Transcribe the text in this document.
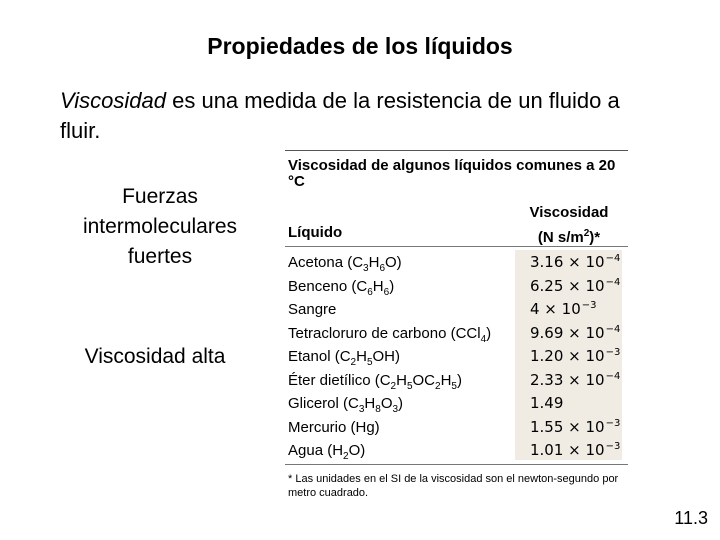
Propiedades de los líquidos
Viscosidad es una medida de la resistencia de un fluido a fluir.
Fuerzas intermoleculares fuertes
Viscosidad alta
Viscosidad de algunos líquidos comunes a 20 °C
Líquido
Viscosidad
(N $s/m^2)*$
Acetona $(C_3H_6O)$
Benceno $(C_6H_6)$
Sangre
Tetracloruro de carbono (CCl$_4$)
Etanol $(C_2H_5OH)$
Éter dietílico $(C_2H_5OC_2H_5)$
Glicerol $(C_3H_8O_3)$
Mercurio (Hg)
Agua $(H_2O)$
$3.16 \times 10^{-4}$
$6.25 \times 10^{-4}$
$4 \times 10^{-3}$
$9.69 \times 10^{-4}$
$1.20 \times 10^{-3}$
$2.33 \times 10^{-4}$
1.49
$1.55 \times 10^{-3}$
$1.01 \times 10^{-3}$
* Las unidades en el SI de la viscosidad son el newton-segundo por metro cuadrado.
11.3
